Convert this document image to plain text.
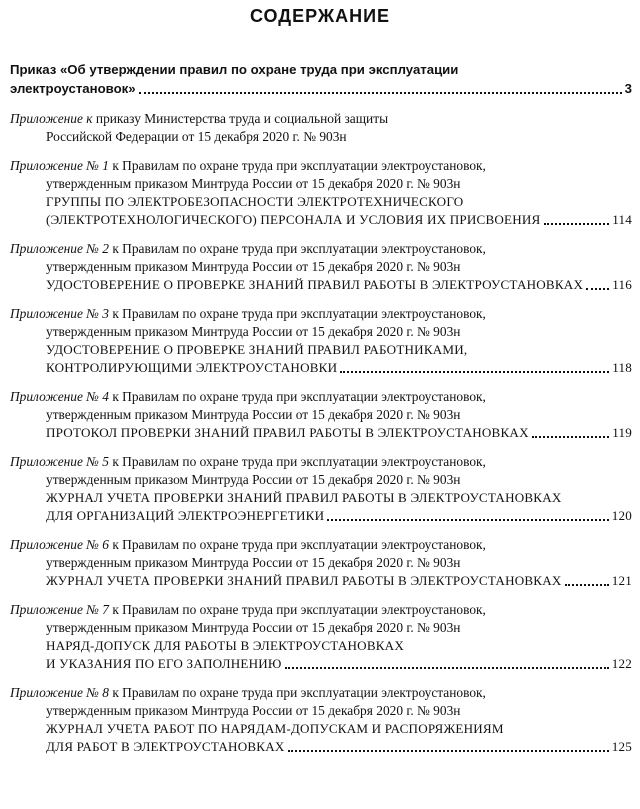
СОДЕРЖАНИЕ
Приказ «Об утверждении правил по охране труда при эксплуатации
электроустановок»	3
Приложение к приказу Министерства труда и социальной защиты
Российской Федерации от 15 декабря 2020 г. № 903н
Приложение № 1 к Правилам по охране труда при эксплуатации электроустановок,
утвержденным приказом Минтруда России от 15 декабря 2020 г. № 903н
ГРУППЫ ПО ЭЛЕКТРОБЕЗОПАСНОСТИ ЭЛЕКТРОТЕХНИЧЕСКОГО
(ЭЛЕКТРОТЕХНОЛОГИЧЕСКОГО) ПЕРСОНАЛА И УСЛОВИЯ ИХ ПРИСВОЕНИЯ	114
Приложение № 2 к Правилам по охране труда при эксплуатации электроустановок,
утвержденным приказом Минтруда России от 15 декабря 2020 г. № 903н
УДОСТОВЕРЕНИЕ О ПРОВЕРКЕ ЗНАНИЙ ПРАВИЛ РАБОТЫ В ЭЛЕКТРОУСТАНОВКАХ 116
Приложение № 3 к Правилам по охране труда при эксплуатации электроустановок,
утвержденным приказом Минтруда России от 15 декабря 2020 г. № 903н
УДОСТОВЕРЕНИЕ О ПРОВЕРКЕ ЗНАНИЙ ПРАВИЛ РАБОТНИКАМИ,
КОНТРОЛИРУЮЩИМИ ЭЛЕКТРОУСТАНОВКИ	118
Приложение № 4 к Правилам по охране труда при эксплуатации электроустановок,
утвержденным приказом Минтруда России от 15 декабря 2020 г. № 903н
ПРОТОКОЛ ПРОВЕРКИ ЗНАНИЙ ПРАВИЛ РАБОТЫ В ЭЛЕКТРОУСТАНОВКАХ	119
Приложение № 5 к Правилам по охране труда при эксплуатации электроустановок,
утвержденным приказом Минтруда России от 15 декабря 2020 г. № 903н
ЖУРНАЛ УЧЕТА ПРОВЕРКИ ЗНАНИЙ ПРАВИЛ РАБОТЫ В ЭЛЕКТРОУСТАНОВКАХ
ДЛЯ ОРГАНИЗАЦИЙ ЭЛЕКТРОЭНЕРГЕТИКИ	120
Приложение № 6 к Правилам по охране труда при эксплуатации электроустановок,
утвержденным приказом Минтруда России от 15 декабря 2020 г. № 903н
ЖУРНАЛ УЧЕТА ПРОВЕРКИ ЗНАНИЙ ПРАВИЛ РАБОТЫ В ЭЛЕКТРОУСТАНОВКАХ	121
Приложение № 7 к Правилам по охране труда при эксплуатации электроустановок,
утвержденным приказом Минтруда России от 15 декабря 2020 г. № 903н
НАРЯД-ДОПУСК ДЛЯ РАБОТЫ В ЭЛЕКТРОУСТАНОВКАХ
И УКАЗАНИЯ ПО ЕГО ЗАПОЛНЕНИЮ	122
Приложение № 8 к Правилам по охране труда при эксплуатации электроустановок,
утвержденным приказом Минтруда России от 15 декабря 2020 г. № 903н
ЖУРНАЛ УЧЕТА РАБОТ ПО НАРЯДАМ-ДОПУСКАМ И РАСПОРЯЖЕНИЯМ
ДЛЯ РАБОТ В ЭЛЕКТРОУСТАНОВКАХ	125
